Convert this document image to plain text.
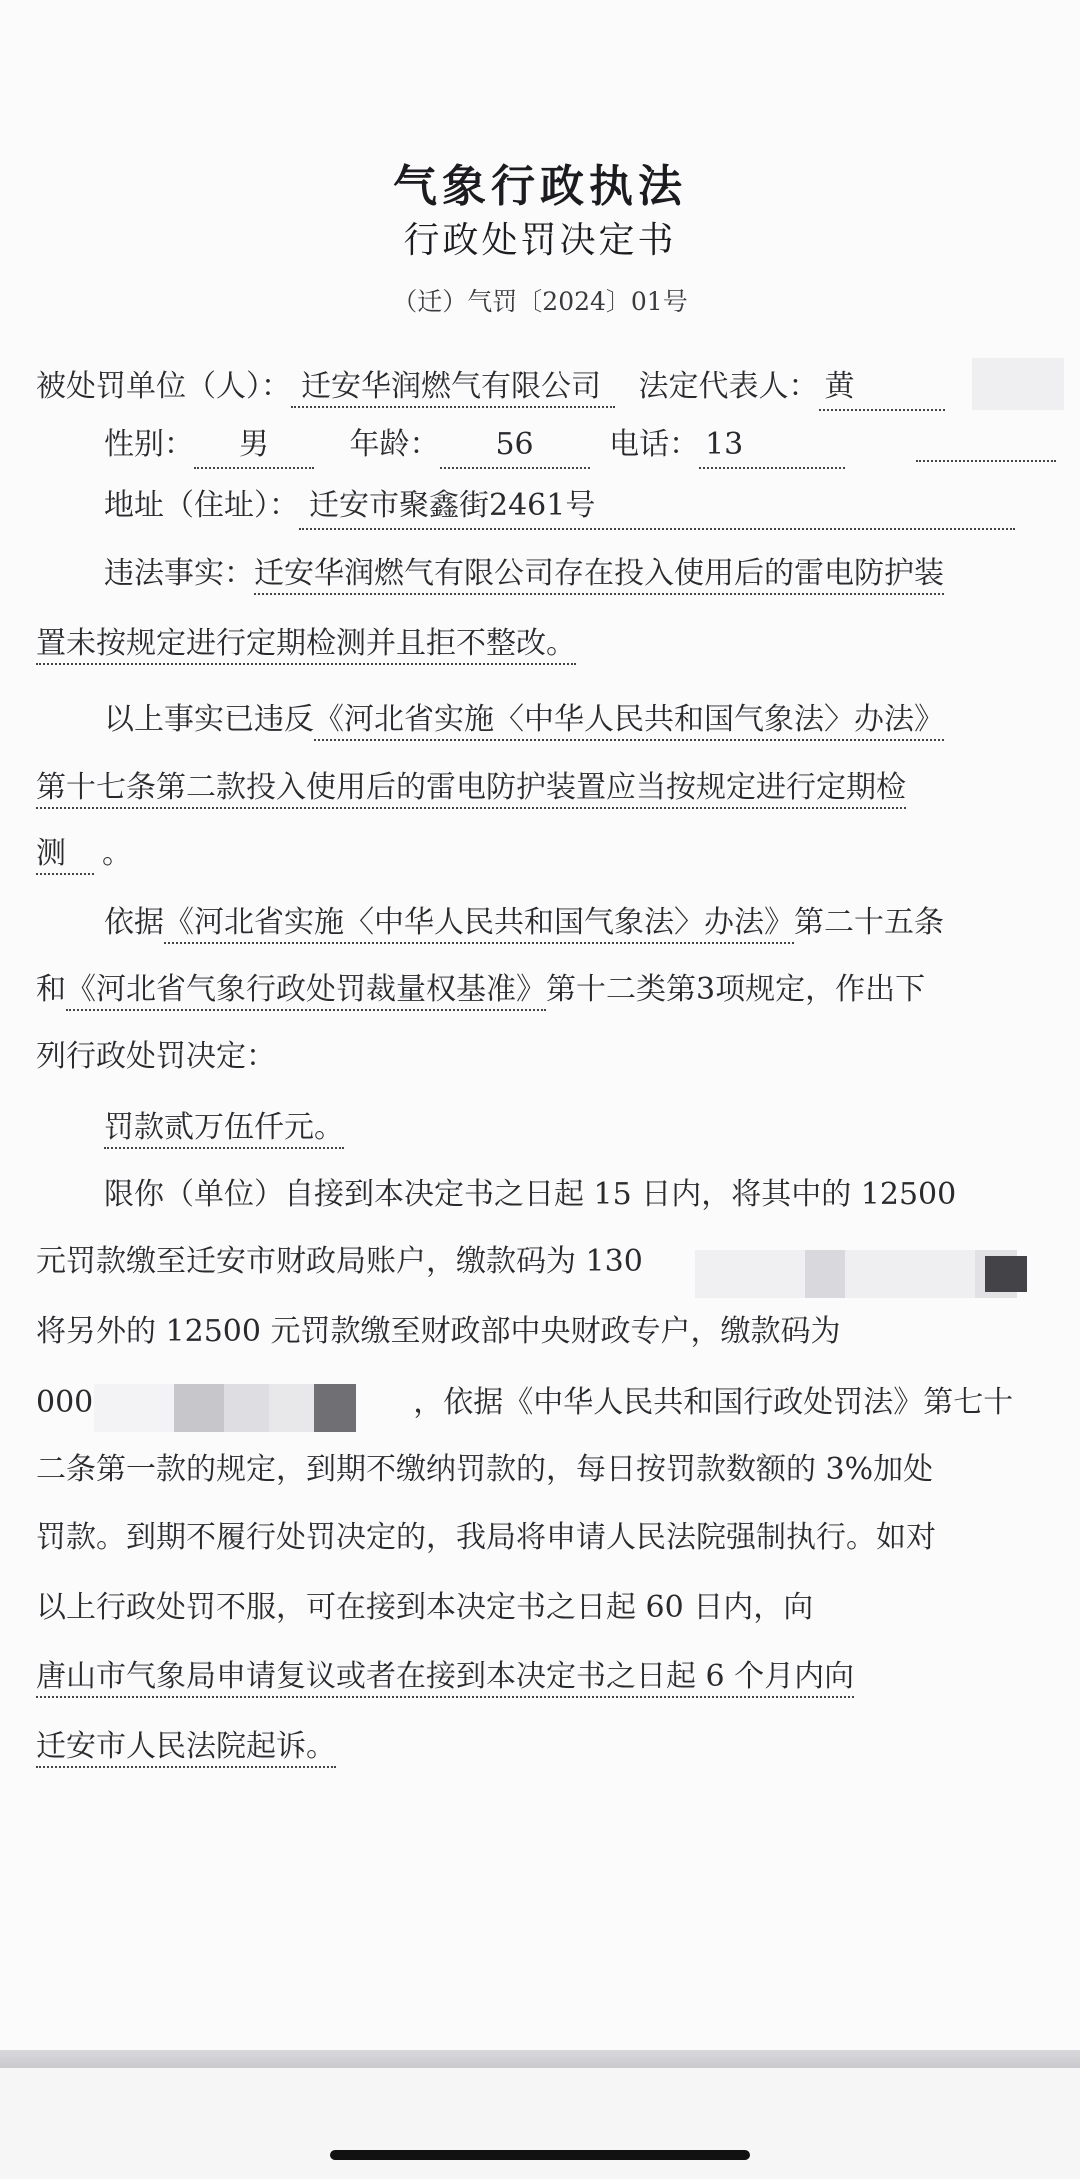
气象行政执法
行政处罚决定书
（迁）气罚〔2024〕01号
被处罚单位（人）： 迁安华润燃气有限公司 法定代表人： 黄
性别： 男	年龄： 56	电话： 13
地址（住址）： 迁安市聚鑫街2461号
违法事实：迁安华润燃气有限公司存在投入使用后的雷电防护装
置未按规定进行定期检测并且拒不整改。
以上事实已违反《河北省实施〈中华人民共和国气象法〉办法》
第十七条第二款投入使用后的雷电防护装置应当按规定进行定期检
测 。
依据《河北省实施〈中华人民共和国气象法〉办法》第二十五条
和《河北省气象行政处罚裁量权基准》第十二类第3项规定，作出下
列行政处罚决定：
罚款贰万伍仟元。
限你（单位）自接到本决定书之日起 15 日内，将其中的 12500
元罚款缴至迁安市财政局账户，缴款码为 130
将另外的 12500 元罚款缴至财政部中央财政专户，缴款码为
000	，依据《中华人民共和国行政处罚法》第七十
二条第一款的规定，到期不缴纳罚款的，每日按罚款数额的 3%加处
罚款。到期不履行处罚决定的，我局将申请人民法院强制执行。如对
以上行政处罚不服，可在接到本决定书之日起 60 日内，向
唐山市气象局申请复议或者在接到本决定书之日起 6 个月内向
迁安市人民法院起诉。
